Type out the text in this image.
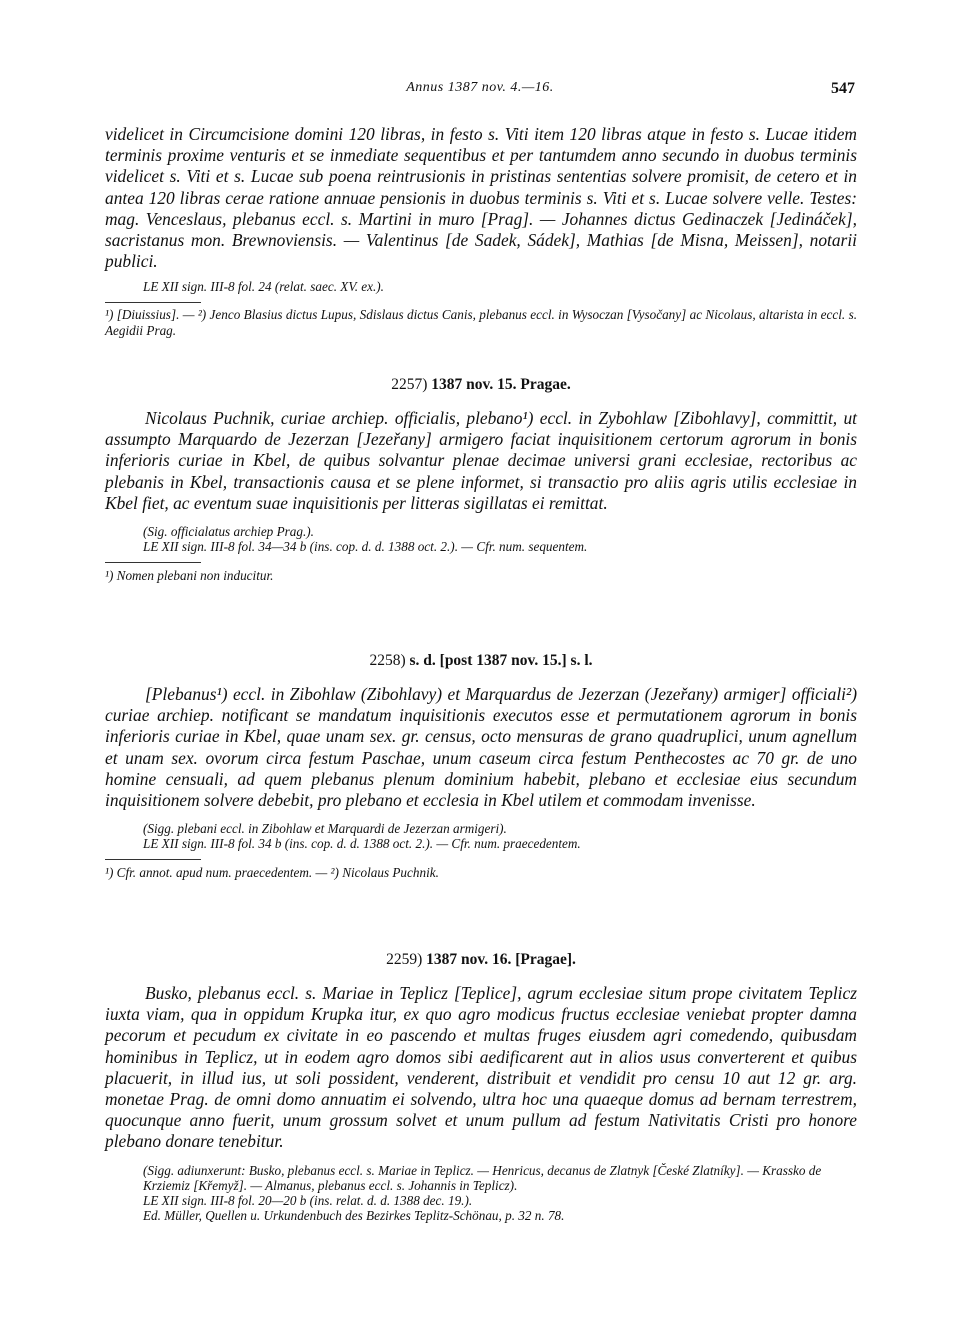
Annus 1387 nov. 4.—16.	547

videlicet in Circumcisione domini 120 libras, in festo s. Viti item 120 libras atque in festo s. Lucae itidem terminis proxime venturis et se inmediate sequentibus et per tantumdem anno secundo in duobus terminis videlicet s. Viti et s. Lucae sub poena reintrusionis in pristinas sententias solvere promisit, de cetero et in antea 120 libras cerae ratione annuae pensionis in duobus terminis s. Viti et s. Lucae solvere velle. Testes: mag. Venceslaus, plebanus eccl. s. Martini in muro [Prag]. — Johannes dictus Gedinaczek [Jedináček], sacristanus mon. Brewnoviensis. — Valentinus [de Sadek, Sádek], Mathias [de Misna, Meissen], notarii publici.

LE XII sign. III-8 fol. 24 (relat. saec. XV. ex.).

¹) [Diuissius]. — ²) Jenco Blasius dictus Lupus, Sdislaus dictus Canis, plebanus eccl. in Wysoczan [Vysočany] ac Nicolaus, altarista in eccl. s. Aegidii Prag.

2257) 1387 nov. 15. Pragae.

Nicolaus Puchnik, curiae archiep. officialis, plebano¹) eccl. in Zybohlaw [Zibohlavy], committit, ut assumpto Marquardo de Jezerzan [Jezeřany] armigero faciat inquisitionem certorum agrorum in bonis inferioris curiae in Kbel, de quibus solvantur plenae decimae universi grani ecclesiae, rectoribus ac plebanis in Kbel, transactionis causa et se plene informet, si transactio pro aliis agris utilis ecclesiae in Kbel fiet, ac eventum suae inquisitionis per litteras sigillatas ei remittat.

(Sig. officialatus archiep Prag.).

LE XII sign. III-8 fol. 34—34 b (ins. cop. d. d. 1388 oct. 2.). — Cfr. num. sequentem.

¹) Nomen plebani non inducitur.

2258) s. d. [post 1387 nov. 15.] s. l.

[Plebanus¹) eccl. in Zibohlaw (Zibohlavy) et Marquardus de Jezerzan (Jezeřany) armiger] officiali²) curiae archiep. notificant se mandatum inquisitionis executos esse et permutationem agrorum in bonis inferioris curiae in Kbel, quae unam sex. gr. census, octo mensuras de grano quadruplici, unum agnellum et unam sex. ovorum circa festum Paschae, unum caseum circa festum Penthecostes ac 70 gr. de uno homine censuali, ad quem plebanus plenum dominium habebit, plebano et ecclesiae eius secundum inquisitionem solvere debebit, pro plebano et ecclesia in Kbel utilem et commodam invenisse.

(Sigg. plebani eccl. in Zibohlaw et Marquardi de Jezerzan armigeri).

LE XII sign. III-8 fol. 34 b (ins. cop. d. d. 1388 oct. 2.). — Cfr. num. praecedentem.

¹) Cfr. annot. apud num. praecedentem. — ²) Nicolaus Puchnik.

2259) 1387 nov. 16. [Pragae].

Busko, plebanus eccl. s. Mariae in Teplicz [Teplice], agrum ecclesiae situm prope civitatem Teplicz iuxta viam, qua in oppidum Krupka itur, ex quo agro modicus fructus ecclesiae veniebat propter damna pecorum et pecudum ex civitate in eo pascendo et multas fruges eiusdem agri comedendo, quibusdam hominibus in Teplicz, ut in eodem agro domos sibi aedificarent aut in alios usus converterent et quibus placuerit, in illud ius, ut soli possident, venderent, distribuit et vendidit pro censu 10 aut 12 gr. arg. monetae Prag. de omni domo annuatim ei solvendo, ultra hoc una quaeque domus ad bernam terrestrem, quocunque anno fuerit, unum grossum solvet et unum pullum ad festum Nativitatis Cristi pro honore plebano donare tenebitur.

(Sigg. adiunxerunt: Busko, plebanus eccl. s. Mariae in Teplicz. — Henricus, decanus de Zlatnyk [České Zlatníky]. — Krassko de Krziemiz [Křemyž]. — Almanus, plebanus eccl. s. Johannis in Teplicz).

LE XII sign. III-8 fol. 20—20 b (ins. relat. d. d. 1388 dec. 19.).

Ed. Müller, Quellen u. Urkundenbuch des Bezirkes Teplitz-Schönau, p. 32 n. 78.
